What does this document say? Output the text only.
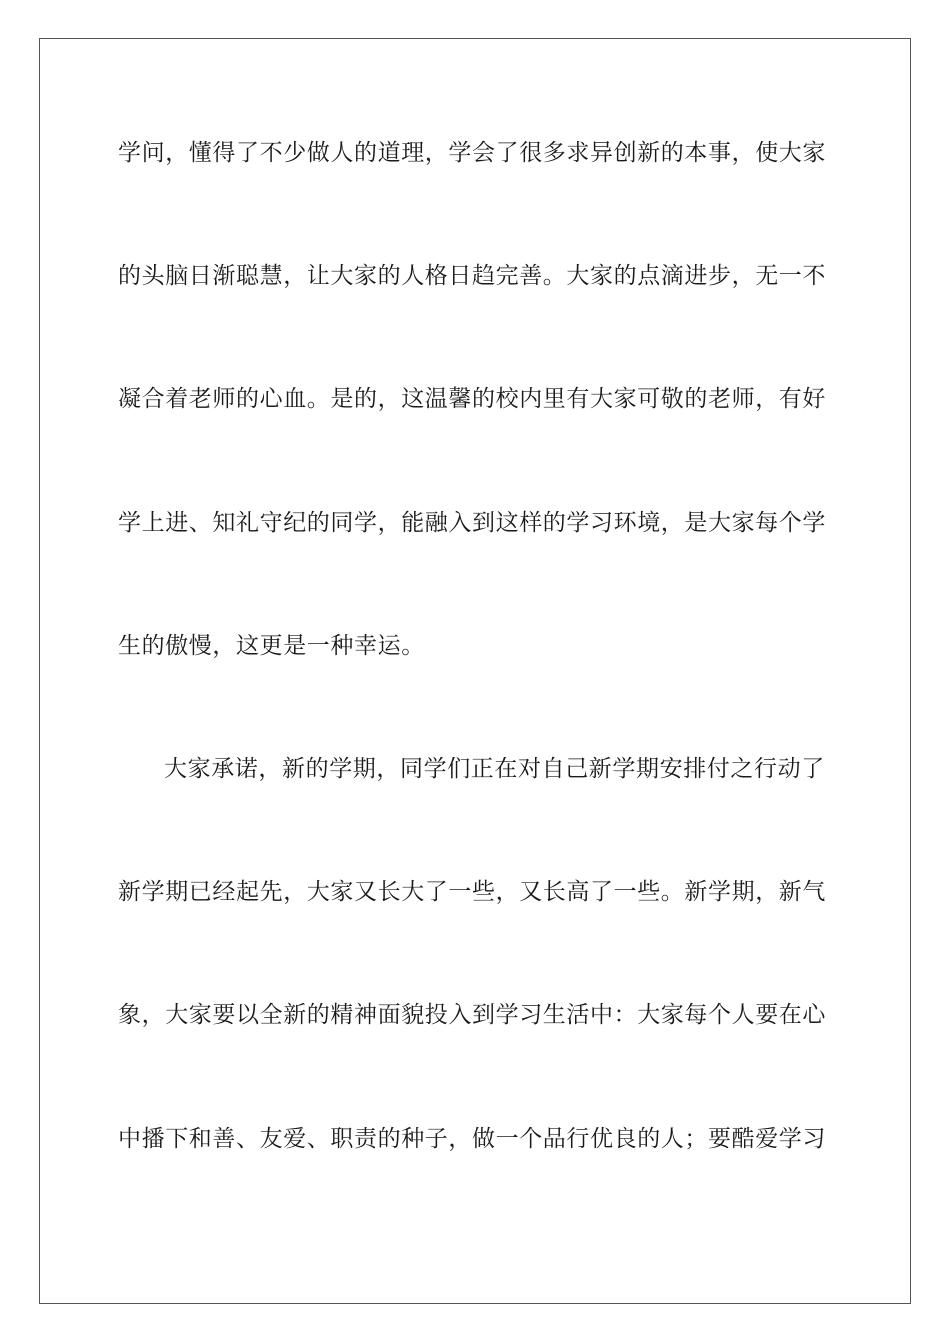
学问，懂得了不少做人的道理，学会了很多求异创新的本事，使大家
的头脑日渐聪慧，让大家的人格日趋完善。大家的点滴进步，无一不
凝合着老师的心血。是的，这温馨的校内里有大家可敬的老师，有好
学上进、知礼守纪的同学，能融入到这样的学习环境，是大家每个学
生的傲慢，这更是一种幸运。
大家承诺，新的学期，同学们正在对自己新学期安排付之行动了
新学期已经起先，大家又长大了一些，又长高了一些。新学期，新气
象，大家要以全新的精神面貌投入到学习生活中：大家每个人要在心
中播下和善、友爱、职责的种子，做一个品行优良的人；要酷爱学习
